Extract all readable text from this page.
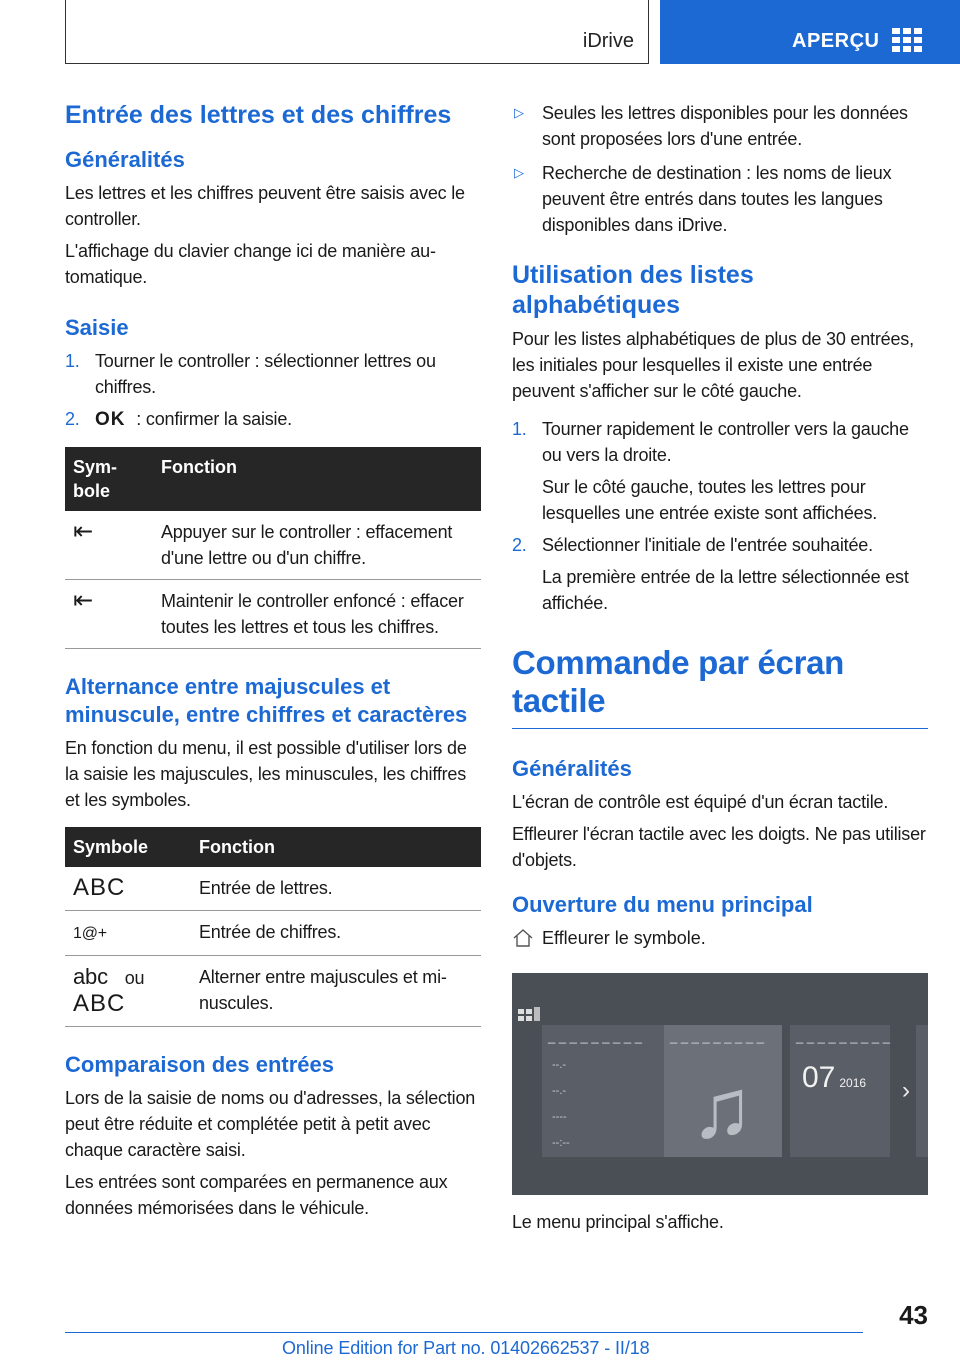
iDrive	APERÇU
Entrée des lettres et des chiffres
Généralités

Les lettres et les chiffres peuvent être saisis avec le controller.

L'affichage du clavier change ici de manière automatique.

Saisie
1. Tourner le controller : sélectionner lettres ou chiffres.
2. OK : confirmer la saisie.
Symbole	Fonction
⇤	Appuyer sur le controller : effacement d'une lettre ou d'un chiffre.
⇤	Maintenir le controller enfoncé : effacer toutes les lettres et tous les chiffres.
Alternance entre majuscules et minuscule, entre chiffres et caractères

En fonction du menu, il est possible d'utiliser lors de la saisie les majuscules, les minuscules, les chiffres et les symboles.

Symbole	Fonction
ABC	Entrée de lettres.
1@+	Entrée de chiffres.
abc ou
ABC	Alterner entre majuscules et minuscules.
Comparaison des entrées

Lors de la saisie de noms ou d'adresses, la sélection peut être réduite et complétée petit à petit avec chaque caractère saisi.

Les entrées sont comparées en permanence aux données mémorisées dans le véhicule.

▷	Seules les lettres disponibles pour les données sont proposées lors d'une entrée.
▷	Recherche de destination : les noms de lieux peuvent être entrés dans toutes les langues disponibles dans iDrive.
Utilisation des listes alphabétiques

Pour les listes alphabétiques de plus de 30 entrées, les initiales pour lesquelles il existe une entrée peuvent s'afficher sur le côté gauche.

1. Tourner rapidement le controller vers la gauche ou vers la droite.

Sur le côté gauche, toutes les lettres pour lesquelles une entrée existe sont affichées.

2. Sélectionner l'initiale de l'entrée souhaitée.

La première entrée de la lettre sélectionnée est affichée.

Commande par écran tactile
Généralités

L'écran de contrôle est équipé d'un écran tactile.

Effleurer l'écran tactile avec les doigts. Ne pas utiliser d'objets.

Ouverture du menu principal
Effleurer le symbole.
_ _ _ _ _ _ _ _ _
--.-
--.-
----
--:--
_ _ _ _ _ _ _ _ _
♫
_ _ _ _ _ _ _ _ _
07 2016 ›

Le menu principal s'affiche.

43
Online Edition for Part no. 01402662537 - II/18
